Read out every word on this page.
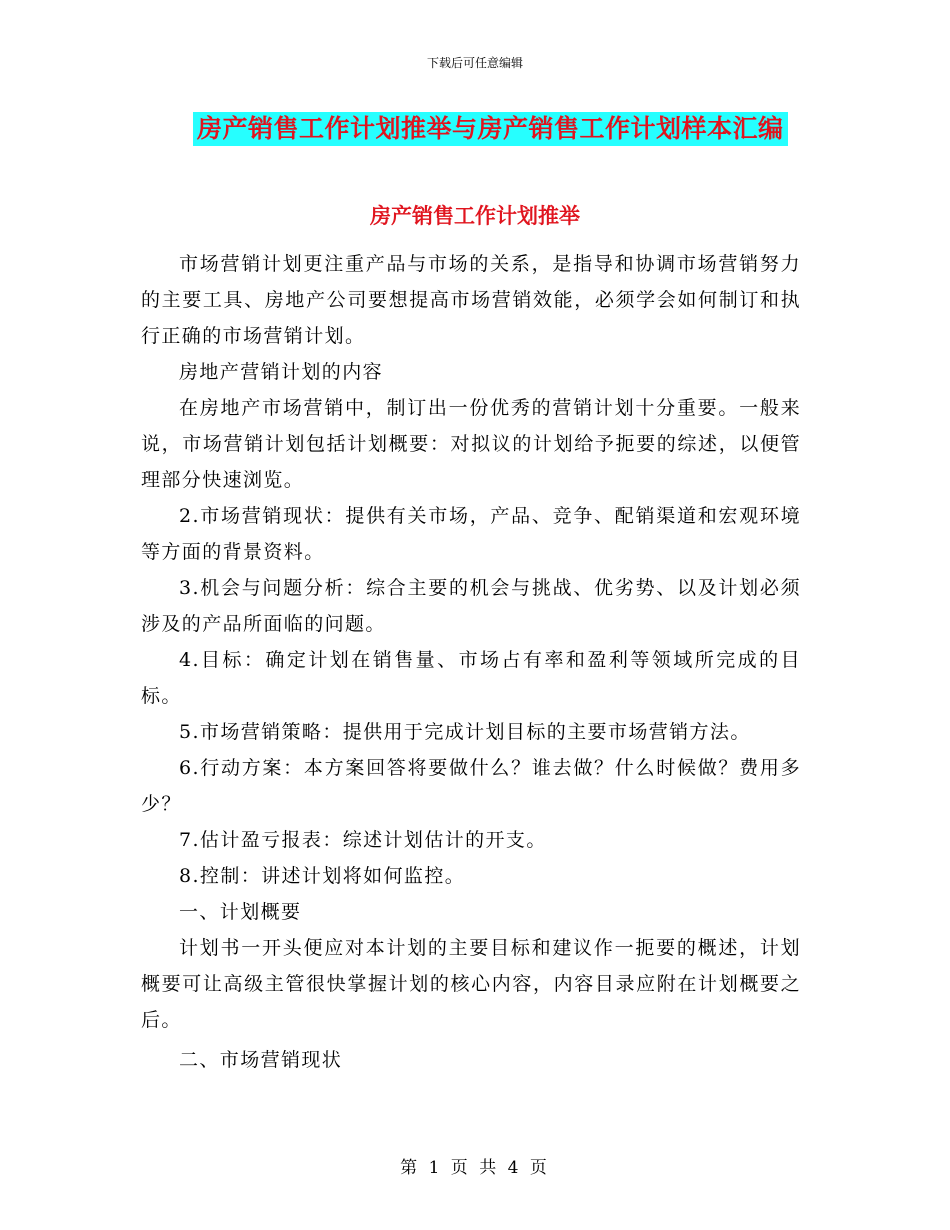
下载后可任意编辑
房产销售工作计划推举与房产销售工作计划样本汇编
房产销售工作计划推举

市场营销计划更注重产品与市场的关系，是指导和协调市场营销努力的主要工具、房地产公司要想提高市场营销效能，必须学会如何制订和执行正确的市场营销计划。

房地产营销计划的内容

在房地产市场营销中，制订出一份优秀的营销计划十分重要。一般来说，市场营销计划包括计划概要：对拟议的计划给予扼要的综述，以便管理部分快速浏览。

2.市场营销现状：提供有关市场，产品、竞争、配销渠道和宏观环境等方面的背景资料。

3.机会与问题分析：综合主要的机会与挑战、优劣势、以及计划必须涉及的产品所面临的问题。

4.目标：确定计划在销售量、市场占有率和盈利等领域所完成的目标。

5.市场营销策略：提供用于完成计划目标的主要市场营销方法。

6.行动方案：本方案回答将要做什么？谁去做？什么时候做？费用多少？

7.估计盈亏报表：综述计划估计的开支。

8.控制：讲述计划将如何监控。

一、计划概要

计划书一开头便应对本计划的主要目标和建议作一扼要的概述，计划概要可让高级主管很快掌握计划的核心内容，内容目录应附在计划概要之后。

二、市场营销现状

第 1 页 共 4 页
